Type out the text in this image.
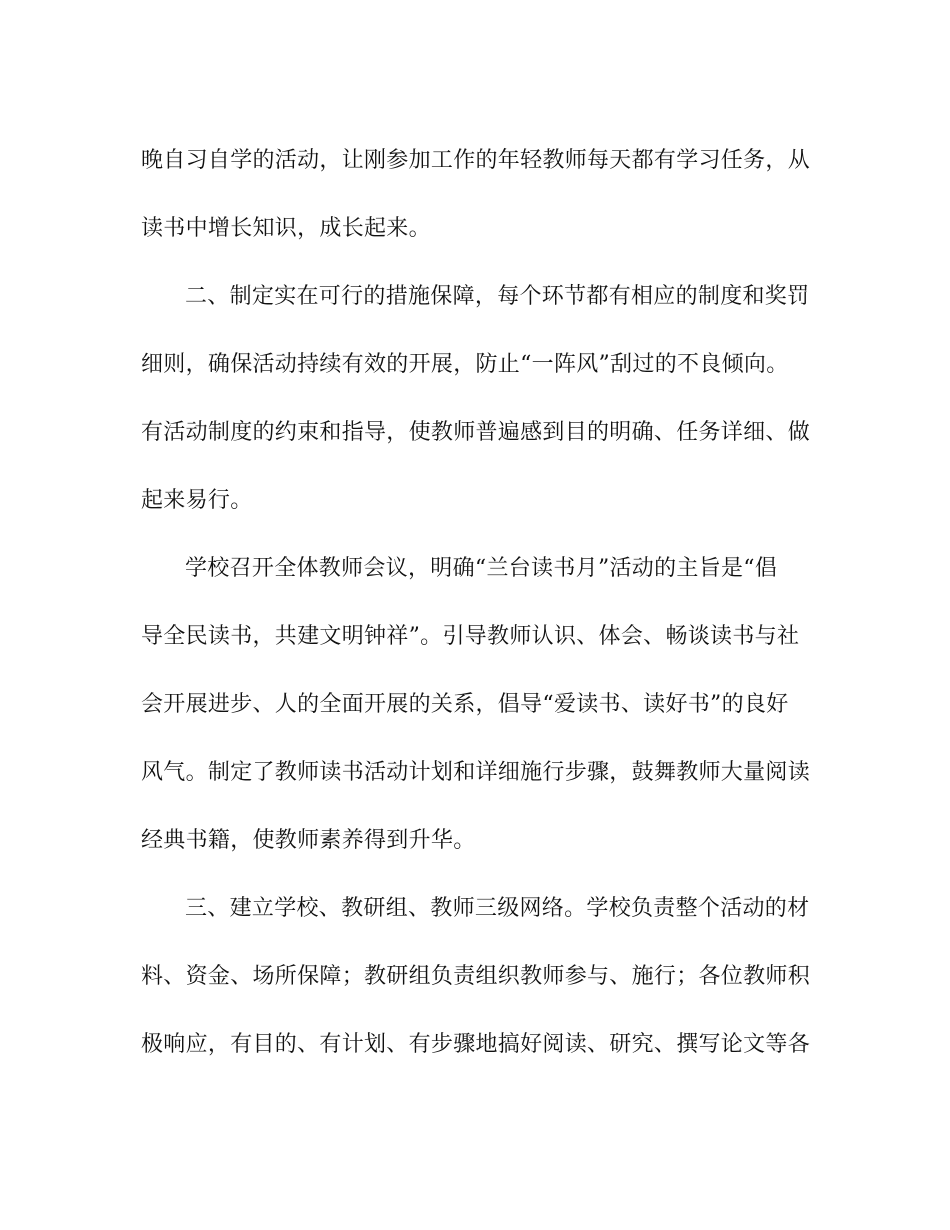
晚自习自学的活动，让刚参加工作的年轻教师每天都有学习任务，从
读书中增长知识，成长起来。
二、制定实在可行的措施保障，每个环节都有相应的制度和奖罚
细则，确保活动持续有效的开展，防止“一阵风”刮过的不良倾向。
有活动制度的约束和指导，使教师普遍感到目的明确、任务详细、做
起来易行。
学校召开全体教师会议，明确“兰台读书月”活动的主旨是“倡
导全民读书，共建文明钟祥”。引导教师认识、体会、畅谈读书与社
会开展进步、人的全面开展的关系，倡导“爱读书、读好书”的良好
风气。制定了教师读书活动计划和详细施行步骤，鼓舞教师大量阅读
经典书籍，使教师素养得到升华。
三、建立学校、教研组、教师三级网络。学校负责整个活动的材
料、资金、场所保障；教研组负责组织教师参与、施行；各位教师积
极响应，有目的、有计划、有步骤地搞好阅读、研究、撰写论文等各
